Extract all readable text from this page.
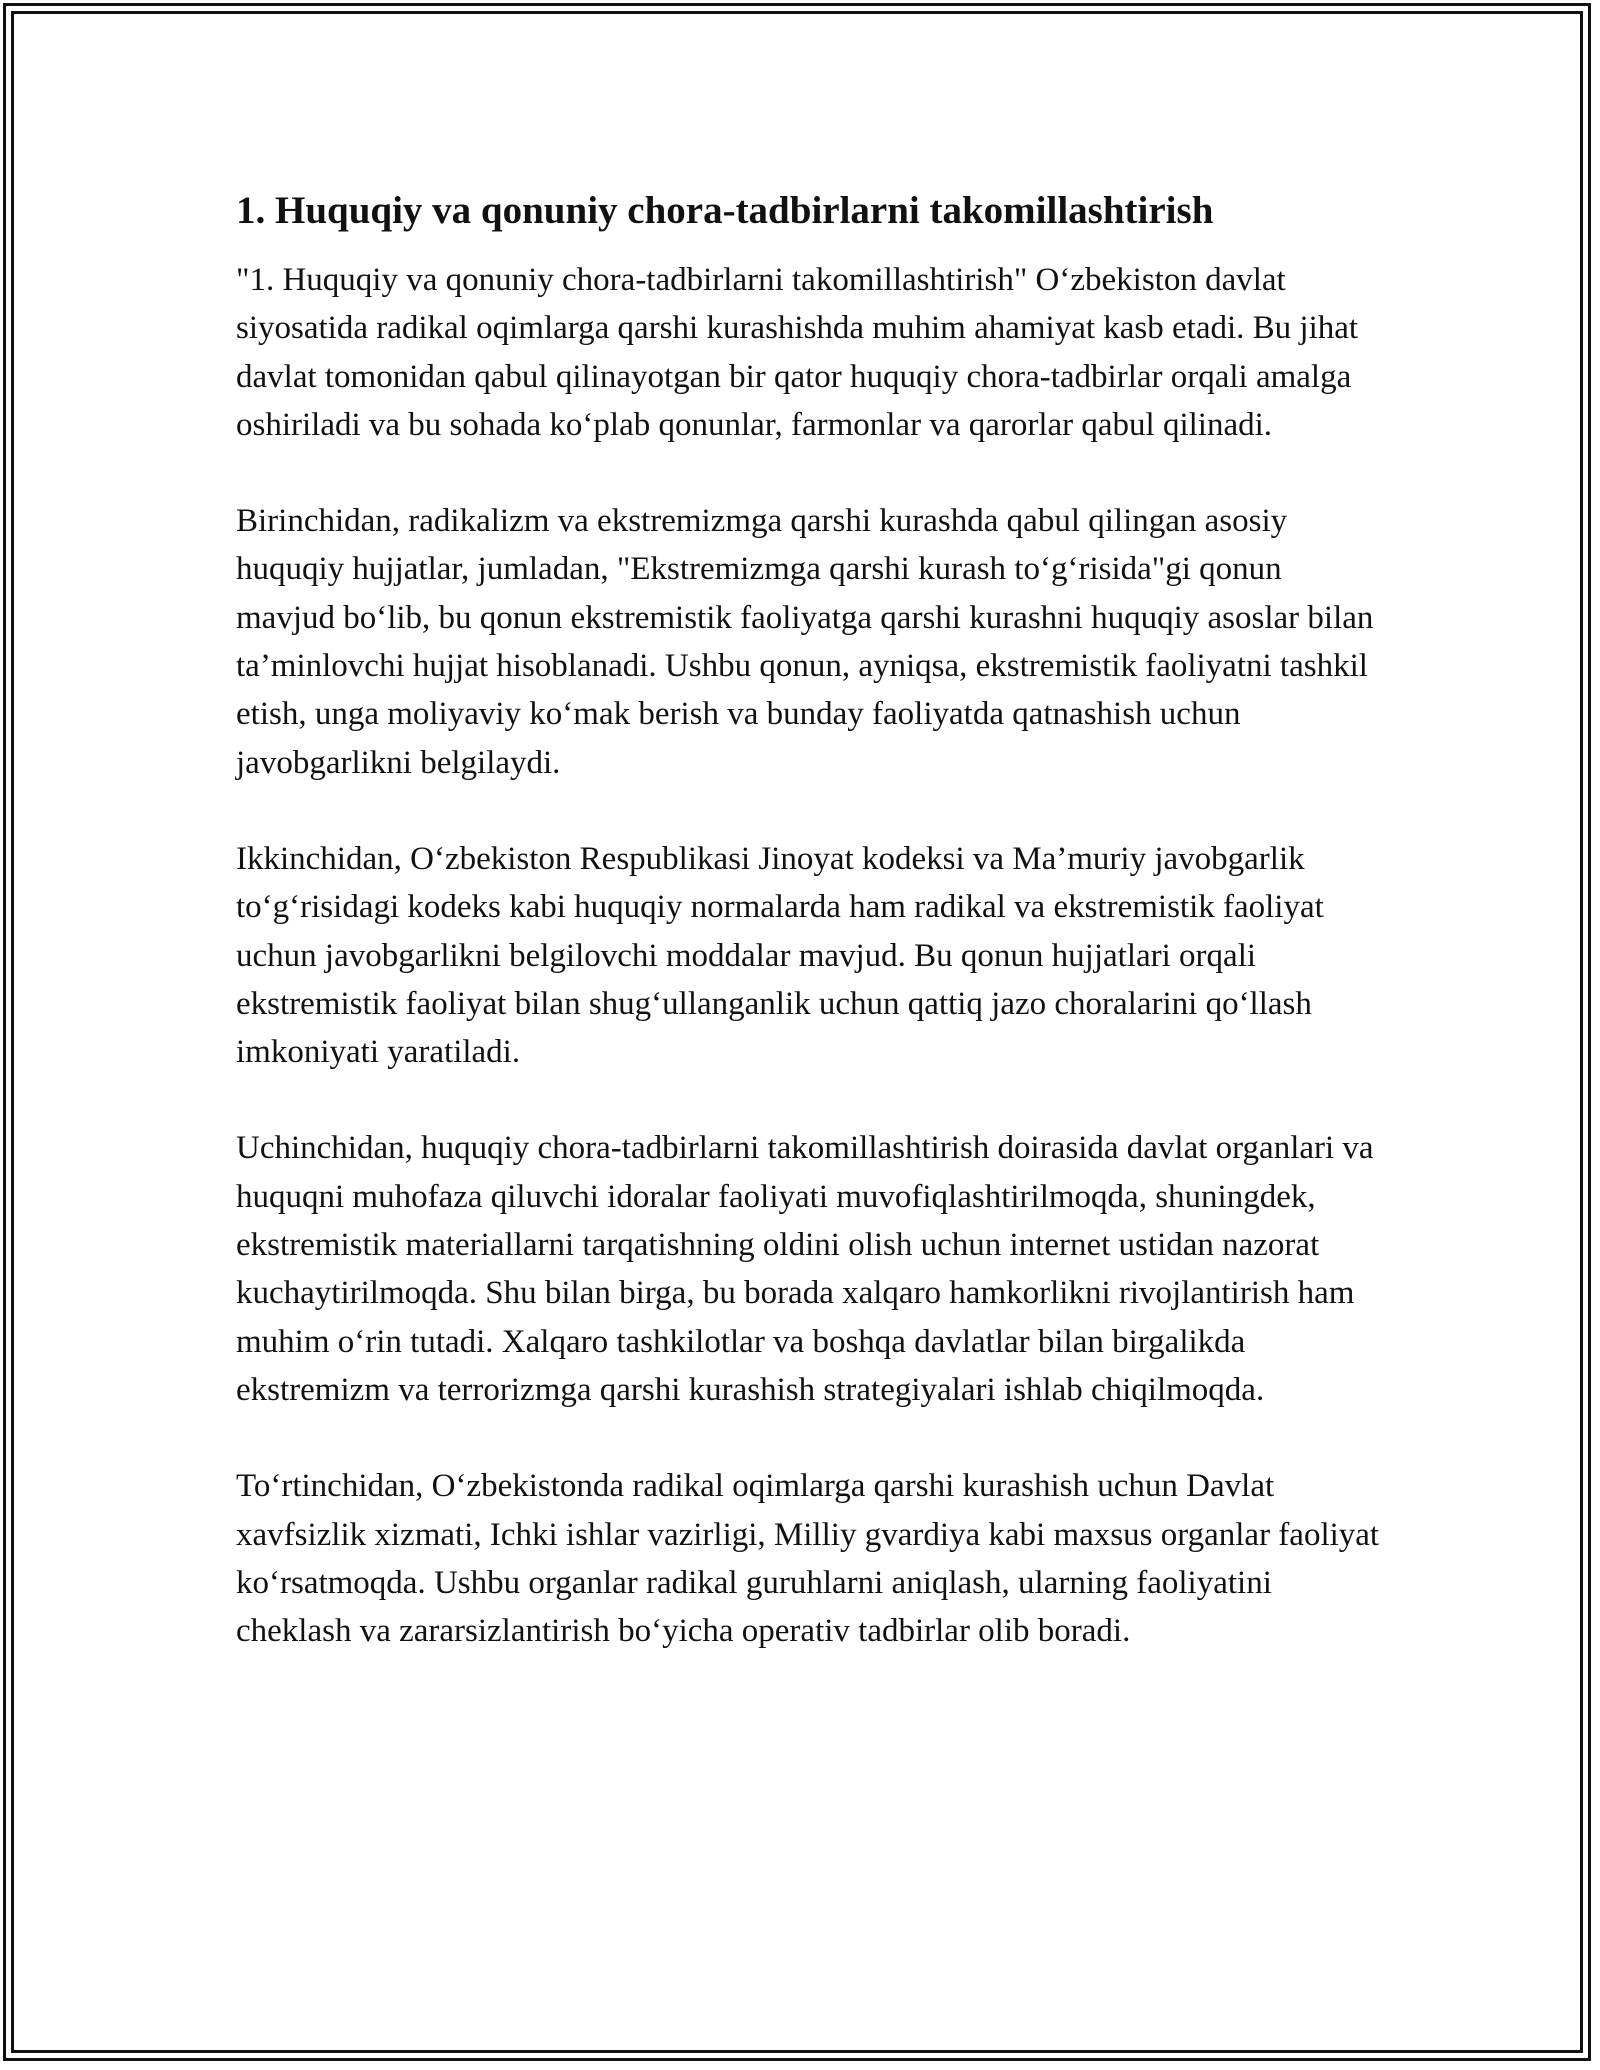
1. Huquqiy va qonuniy chora-tadbirlarni takomillashtirish

"1. Huquqiy va qonuniy chora-tadbirlarni takomillashtirish" O‘zbekiston davlat siyosatida radikal oqimlarga qarshi kurashishda muhim ahamiyat kasb etadi. Bu jihat davlat tomonidan qabul qilinayotgan bir qator huquqiy chora-tadbirlar orqali amalga oshiriladi va bu sohada ko‘plab qonunlar, farmonlar va qarorlar qabul qilinadi.

Birinchidan, radikalizm va ekstremizmga qarshi kurashda qabul qilingan asosiy huquqiy hujjatlar, jumladan, "Ekstremizmga qarshi kurash to‘g‘risida"gi qonun mavjud bo‘lib, bu qonun ekstremistik faoliyatga qarshi kurashni huquqiy asoslar bilan ta’minlovchi hujjat hisoblanadi. Ushbu qonun, ayniqsa, ekstremistik faoliyatni tashkil etish, unga moliyaviy ko‘mak berish va bunday faoliyatda qatnashish uchun javobgarlikni belgilaydi.

Ikkinchidan, O‘zbekiston Respublikasi Jinoyat kodeksi va Ma’muriy javobgarlik to‘g‘risidagi kodeks kabi huquqiy normalarda ham radikal va ekstremistik faoliyat uchun javobgarlikni belgilovchi moddalar mavjud. Bu qonun hujjatlari orqali ekstremistik faoliyat bilan shug‘ullanganlik uchun qattiq jazo choralarini qo‘llash imkoniyati yaratiladi.

Uchinchidan, huquqiy chora-tadbirlarni takomillashtirish doirasida davlat organlari va huquqni muhofaza qiluvchi idoralar faoliyati muvofiqlashtirilmoqda, shuningdek, ekstremistik materiallarni tarqatishning oldini olish uchun internet ustidan nazorat kuchaytirilmoqda. Shu bilan birga, bu borada xalqaro hamkorlikni rivojlantirish ham muhim o‘rin tutadi. Xalqaro tashkilotlar va boshqa davlatlar bilan birgalikda ekstremizm va terrorizmga qarshi kurashish strategiyalari ishlab chiqilmoqda.

To‘rtinchidan, O‘zbekistonda radikal oqimlarga qarshi kurashish uchun Davlat xavfsizlik xizmati, Ichki ishlar vazirligi, Milliy gvardiya kabi maxsus organlar faoliyat ko‘rsatmoqda. Ushbu organlar radikal guruhlarni aniqlash, ularning faoliyatini cheklash va zararsizlantirish bo‘yicha operativ tadbirlar olib boradi.
